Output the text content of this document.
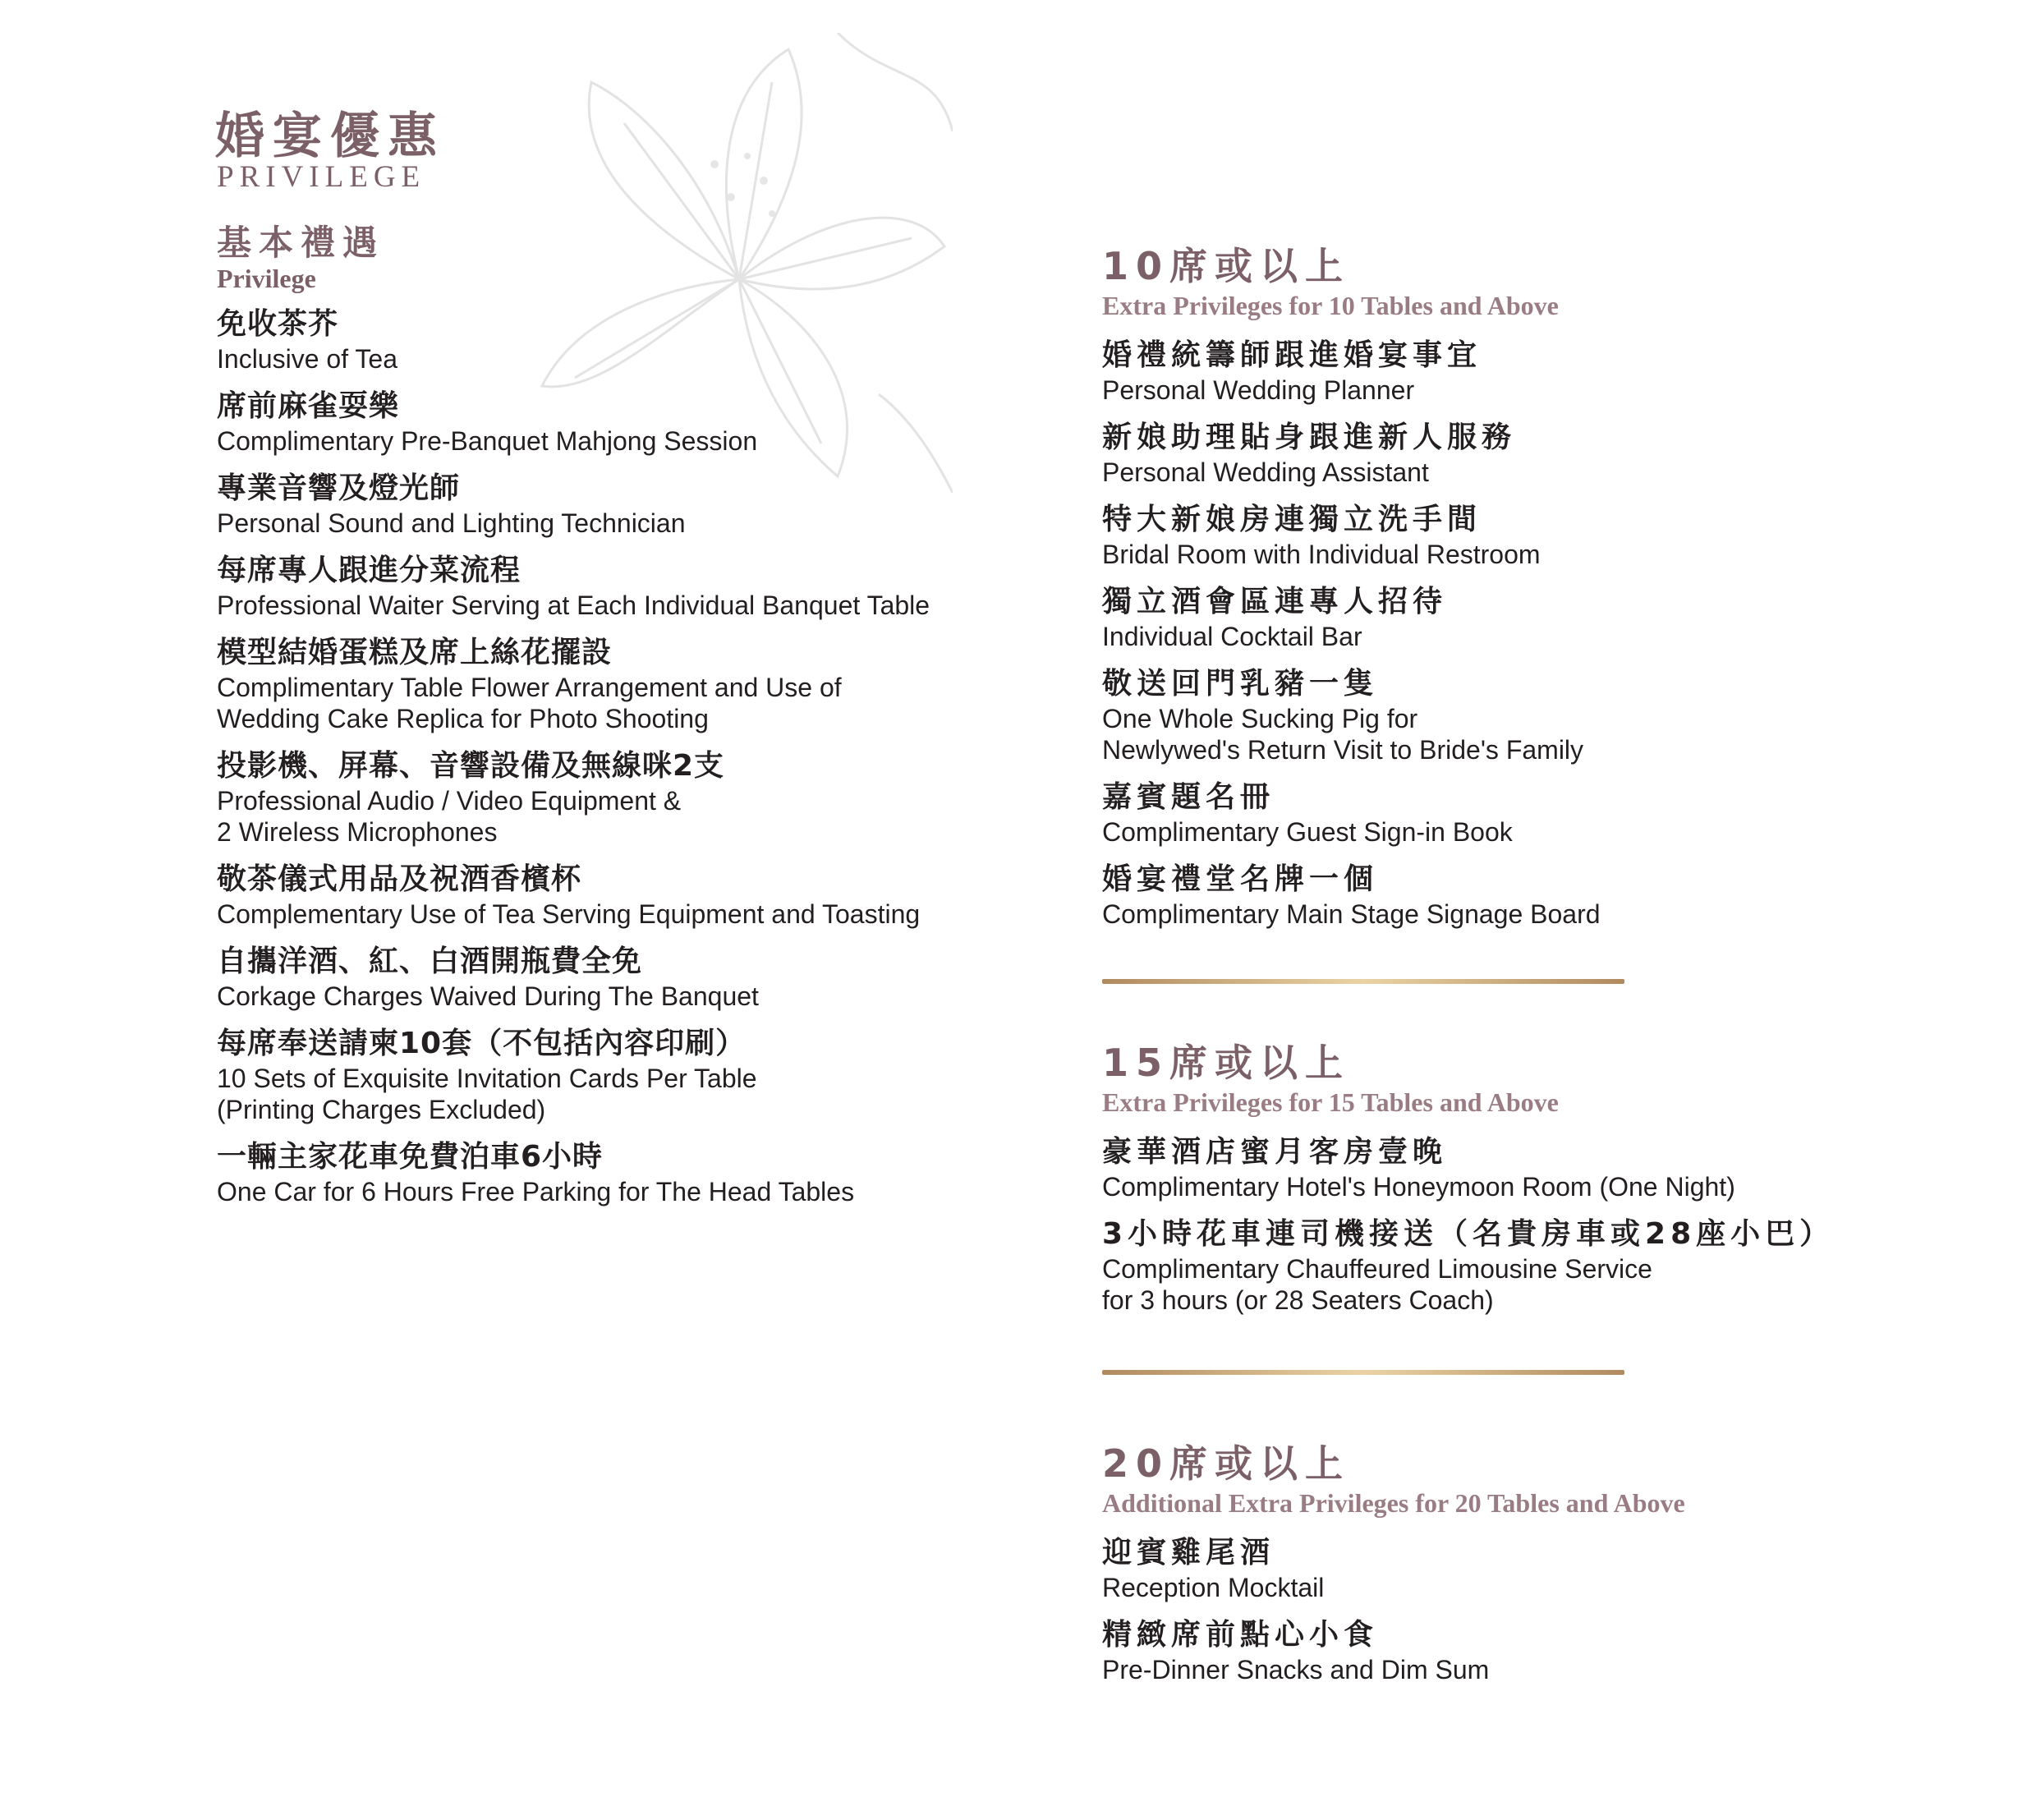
婚宴優惠
PRIVILEGE
基本禮遇
Privilege
免收茶芥
Inclusive of Tea
席前麻雀耍樂
Complimentary Pre-Banquet Mahjong Session
專業音響及燈光師
Personal Sound and Lighting Technician
每席專人跟進分菜流程
Professional Waiter Serving at Each Individual Banquet Table
模型結婚蛋糕及席上絲花擺設
Complimentary Table Flower Arrangement and Use of
Wedding Cake Replica for Photo Shooting
投影機、屏幕、音響設備及無線咪2支
Professional Audio / Video Equipment &
2 Wireless Microphones
敬茶儀式用品及祝酒香檳杯
Complementary Use of Tea Serving Equipment and Toasting
自攜洋酒、紅、白酒開瓶費全免
Corkage Charges Waived During The Banquet
每席奉送請柬10套（不包括內容印刷）
10 Sets of Exquisite Invitation Cards Per Table
(Printing Charges Excluded)
一輛主家花車免費泊車6小時
One Car for 6 Hours Free Parking for The Head Tables
10席或以上
Extra Privileges for 10 Tables and Above
婚禮統籌師跟進婚宴事宜
Personal Wedding Planner
新娘助理貼身跟進新人服務
Personal Wedding Assistant
特大新娘房連獨立洗手間
Bridal Room with Individual Restroom
獨立酒會區連專人招待
Individual Cocktail Bar
敬送回門乳豬一隻
One Whole Sucking Pig for
Newlywed's Return Visit to Bride's Family
嘉賓題名冊
Complimentary Guest Sign-in Book
婚宴禮堂名牌一個
Complimentary Main Stage Signage Board
15席或以上
Extra Privileges for 15 Tables and Above
豪華酒店蜜月客房壹晚
Complimentary Hotel's Honeymoon Room (One Night)
3小時花車連司機接送（名貴房車或28座小巴）
Complimentary Chauffeured Limousine Service
for 3 hours (or 28 Seaters Coach)
20席或以上
Additional Extra Privileges for 20 Tables and Above
迎賓雞尾酒
Reception Mocktail
精緻席前點心小食
Pre-Dinner Snacks and Dim Sum
